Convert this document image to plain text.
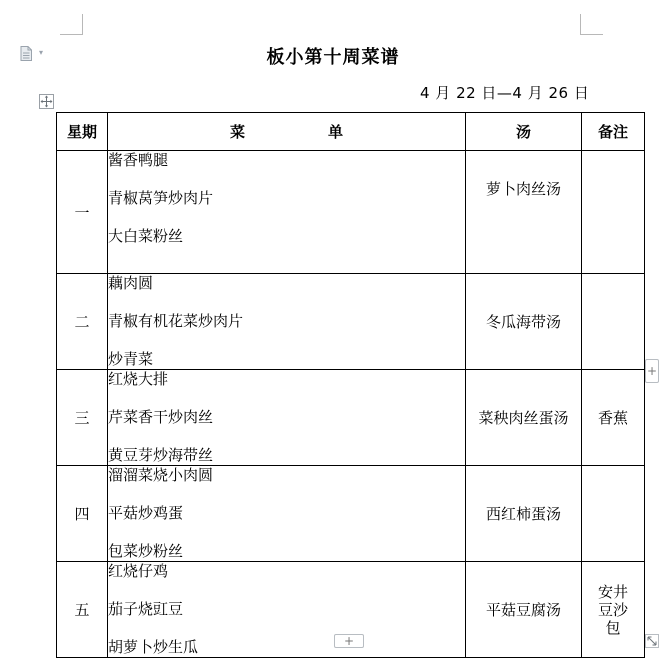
▾	板小第十周菜谱
4 月 22 日—4 月 26 日
星期	菜　单	汤	备注
一	酱香鸭腿
青椒莴笋炒肉片
大白菜粉丝	萝卜肉丝汤	
二	藕肉圆
青椒有机花菜炒肉片
炒青菜	冬瓜海带汤	
三	红烧大排
芹菜香干炒肉丝
黄豆芽炒海带丝	菜秧肉丝蛋汤	香蕉
四	溜溜菜烧小肉圆
平菇炒鸡蛋
包菜炒粉丝	西红柿蛋汤	
五	红烧仔鸡
茄子烧豇豆
胡萝卜炒生瓜	平菇豆腐汤	安井豆沙包
+
+
